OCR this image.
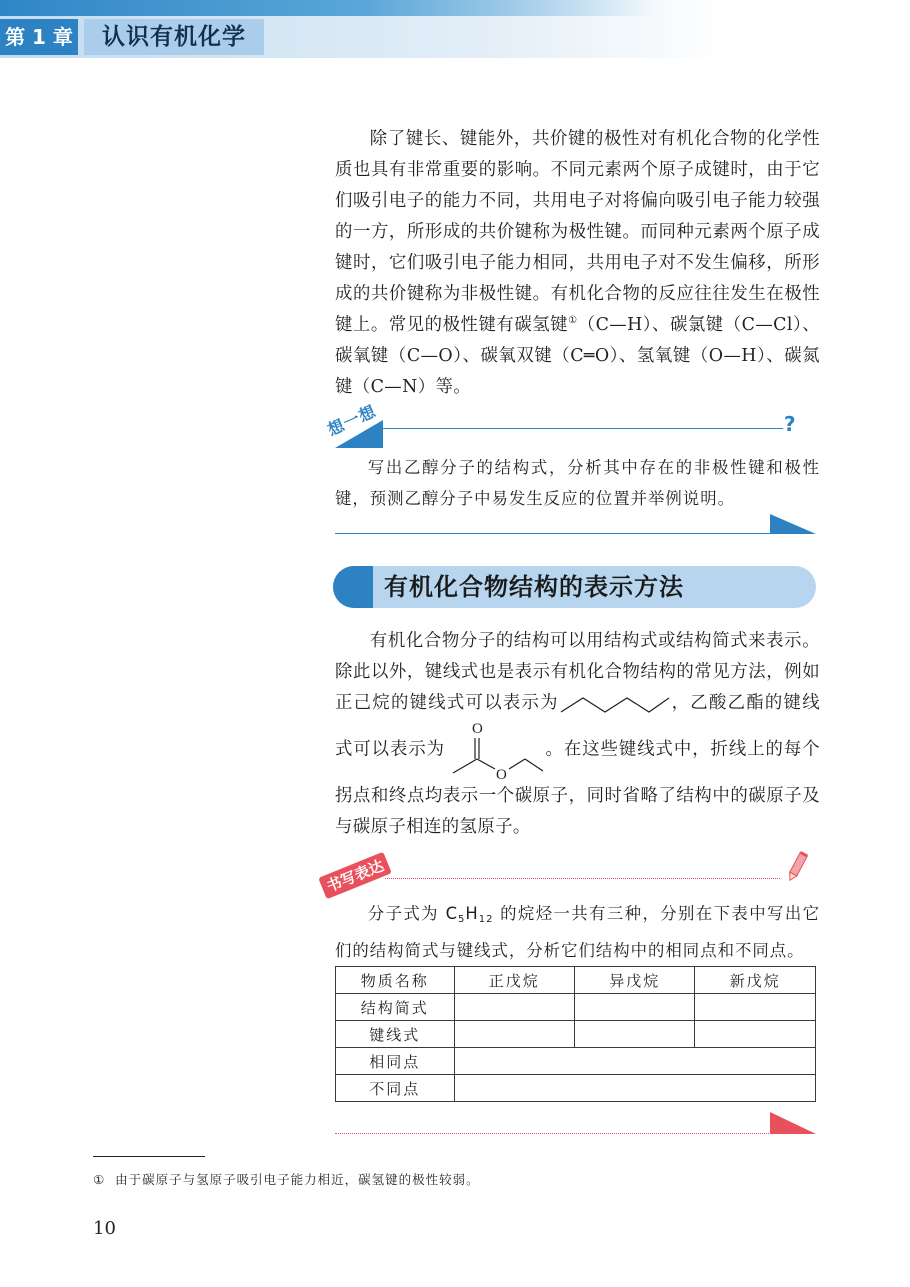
第 1 章	认识有机化学

除了键长、键能外，共价键的极性对有机化合物的化学性质也具有非常重要的影响。不同元素两个原子成键时，由于它们吸引电子的能力不同，共用电子对将偏向吸引电子能力较强的一方，所形成的共价键称为极性键。而同种元素两个原子成键时，它们吸引电子能力相同，共用电子对不发生偏移，所形成的共价键称为非极性键。有机化合物的反应往往发生在极性键上。常见的极性键有碳氢键①（C—H）、碳氯键（C—Cl）、碳氧键（C—O）、碳氧双键（C═O）、氢氧键（O—H）、碳氮键（C—N）等。

想一想	?

写出乙醇分子的结构式，分析其中存在的非极性键和极性键，预测乙醇分子中易发生反应的位置并举例说明。

有机化合物结构的表示方法

有机化合物分子的结构可以用结构式或结构简式来表示。除此以外，键线式也是表示有机化合物结构的常见方法，例如正己烷的键线式可以表示为	，乙酸乙酯的键线式可以表示为
O
O
。在这些键线式中，折线上的每个拐点和终点均表示一个碳原子，同时省略了结构中的碳原子及与碳原子相连的氢原子。

书写表达

分子式为 $C_5H_{12}$ 的烷烃一共有三种，分别在下表中写出它们的结构简式与键线式，分析它们结构中的相同点和不同点。

物质名称	正戊烷	异戊烷	新戊烷
结构简式			
键线式			
相同点			
不同点			
① 由于碳原子与氢原子吸引电子能力相近，碳氢键的极性较弱。
10
